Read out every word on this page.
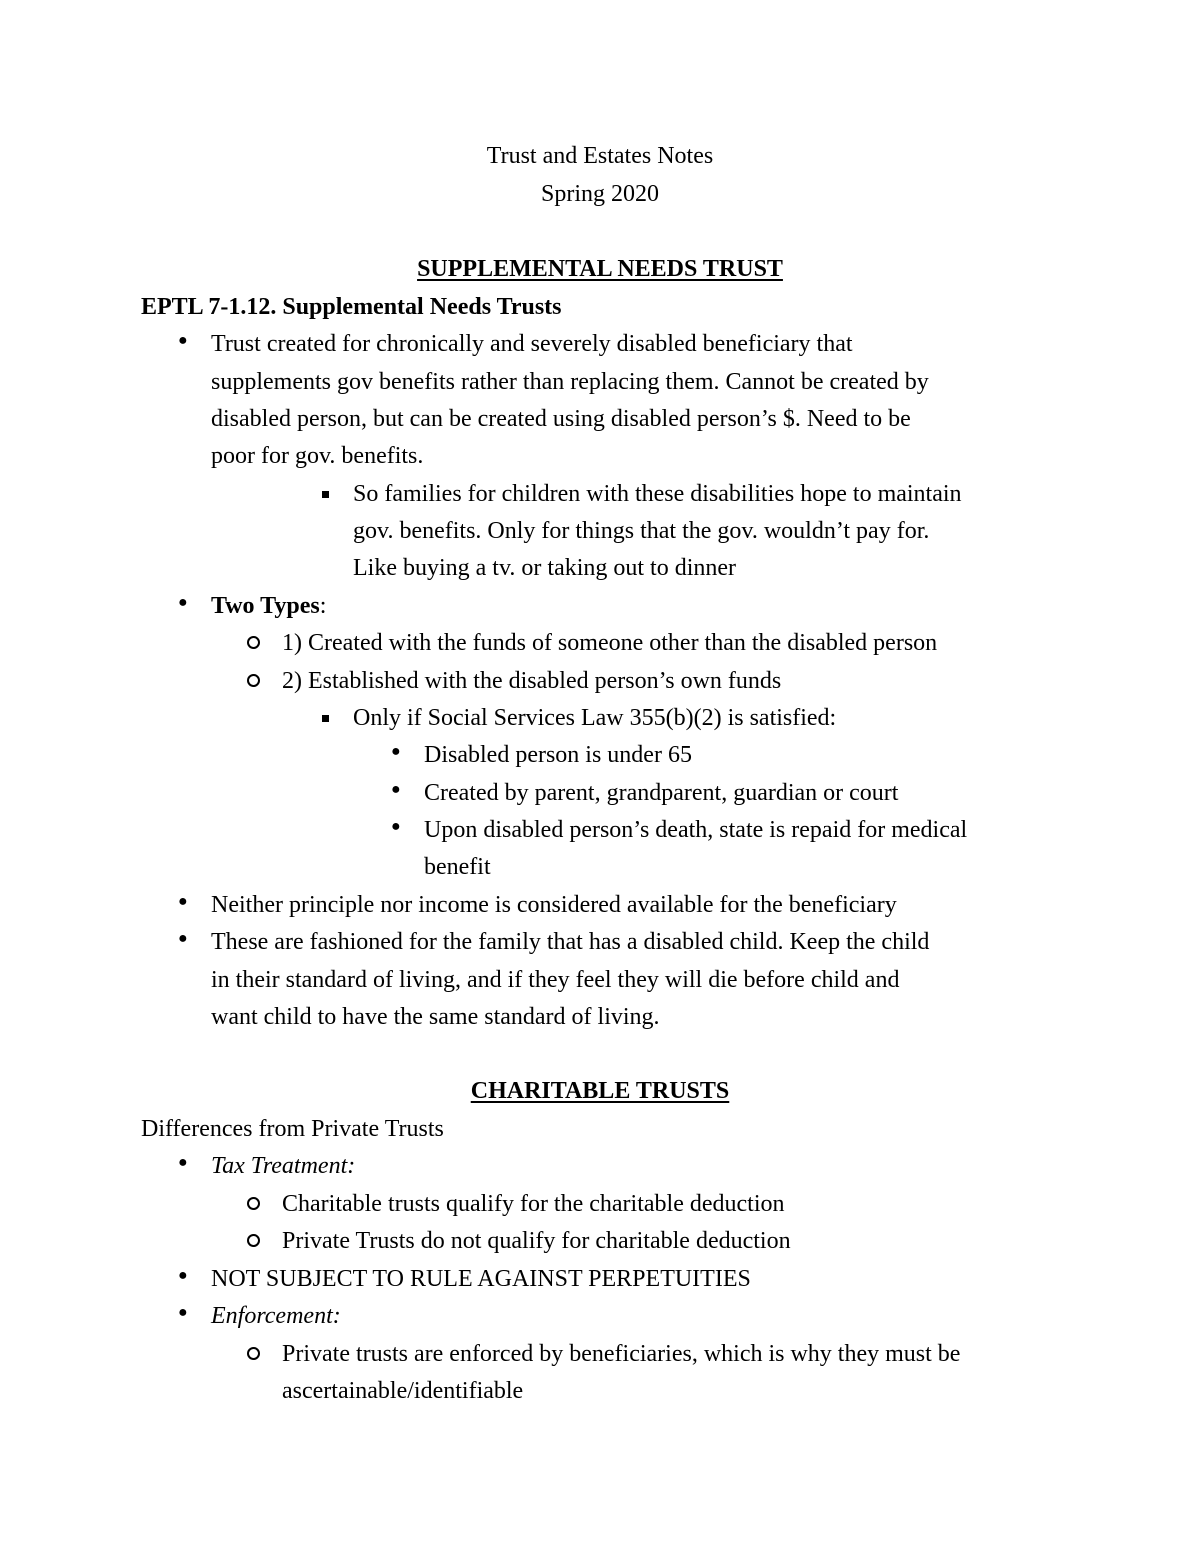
Trust and Estates Notes
Spring 2020
SUPPLEMENTAL NEEDS TRUST
EPTL 7-1.12. Supplemental Needs Trusts
● Trust created for chronically and severely disabled beneficiary that
supplements gov benefits rather than replacing them. Cannot be created by
disabled person, but can be created using disabled person’s $. Need to be
poor for gov. benefits.
So families for children with these disabilities hope to maintain
gov. benefits. Only for things that the gov. wouldn’t pay for.
Like buying a tv. or taking out to dinner
● Two Types:
1) Created with the funds of someone other than the disabled person
2) Established with the disabled person’s own funds
Only if Social Services Law 355(b)(2) is satisfied:
● Disabled person is under 65
● Created by parent, grandparent, guardian or court
● Upon disabled person’s death, state is repaid for medical
benefit
● Neither principle nor income is considered available for the beneficiary
● These are fashioned for the family that has a disabled child. Keep the child
in their standard of living, and if they feel they will die before child and
want child to have the same standard of living.
CHARITABLE TRUSTS
Differences from Private Trusts
● Tax Treatment:
Charitable trusts qualify for the charitable deduction
Private Trusts do not qualify for charitable deduction
● NOT SUBJECT TO RULE AGAINST PERPETUITIES
● Enforcement:
Private trusts are enforced by beneficiaries, which is why they must be
ascertainable/identifiable
